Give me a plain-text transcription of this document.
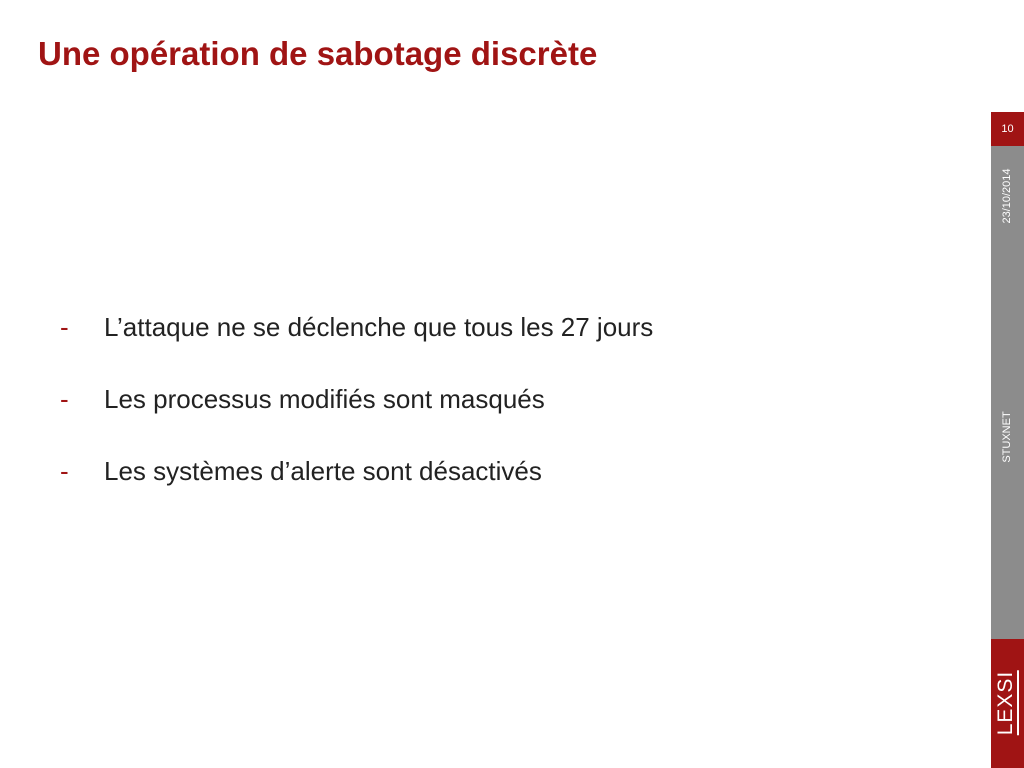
Une opération de sabotage discrète
-	L’attaque ne se déclenche que tous les 27 jours
-	Les processus modifiés sont masqués
-	Les systèmes d’alerte sont désactivés
10
23/10/2014
STUXNET
LEXSI
